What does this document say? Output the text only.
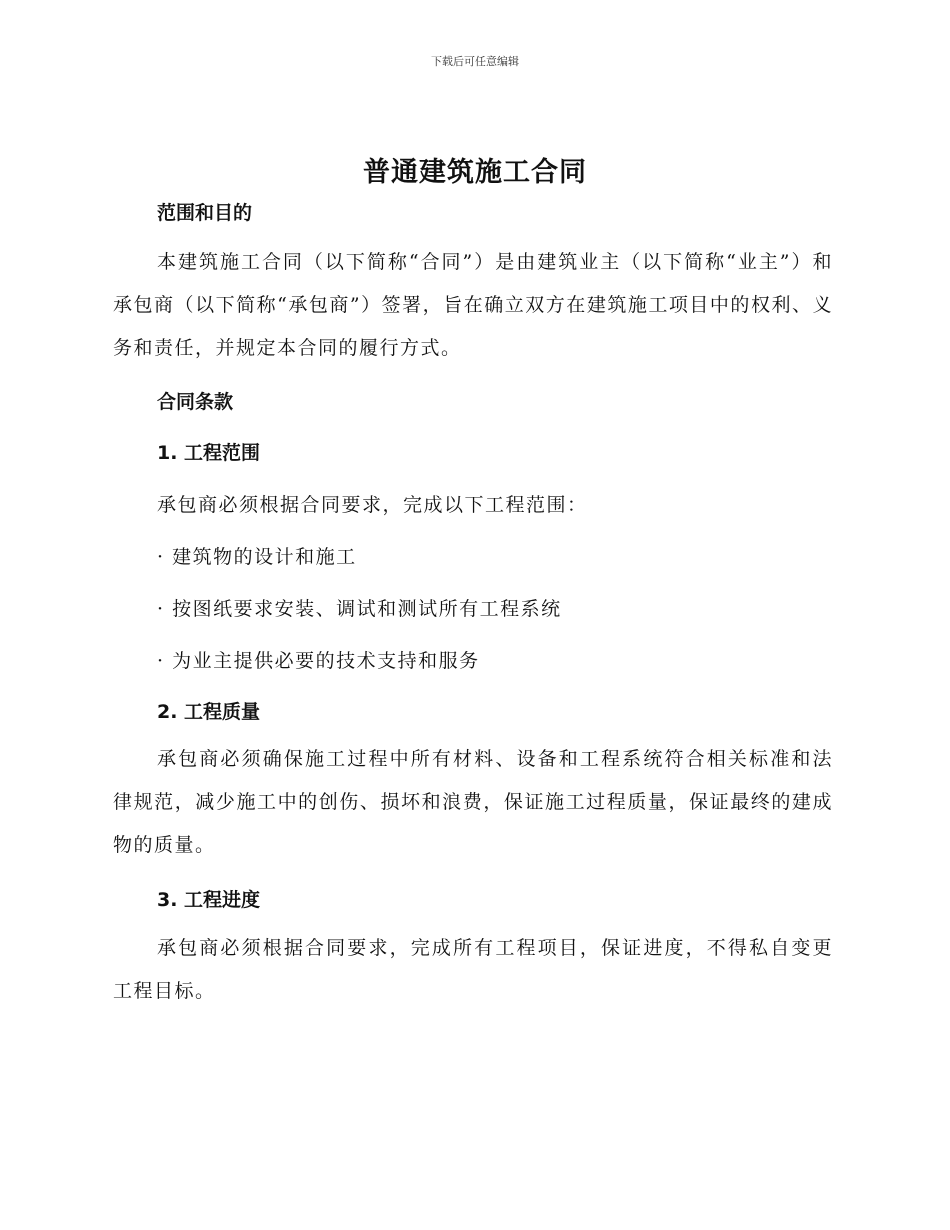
下载后可任意编辑
普通建筑施工合同
范围和目的
本建筑施工合同（以下简称“合同”）是由建筑业主（以下简称“业主”）和承包商（以下简称“承包商”）签署，旨在确立双方在建筑施工项目中的权利、义务和责任，并规定本合同的履行方式。
合同条款
1. 工程范围
承包商必须根据合同要求，完成以下工程范围：
· 建筑物的设计和施工
· 按图纸要求安装、调试和测试所有工程系统
· 为业主提供必要的技术支持和服务
2. 工程质量
承包商必须确保施工过程中所有材料、设备和工程系统符合相关标准和法律规范，减少施工中的创伤、损坏和浪费，保证施工过程质量，保证最终的建成物的质量。
3. 工程进度
承包商必须根据合同要求，完成所有工程项目，保证进度，不得私自变更工程目标。
